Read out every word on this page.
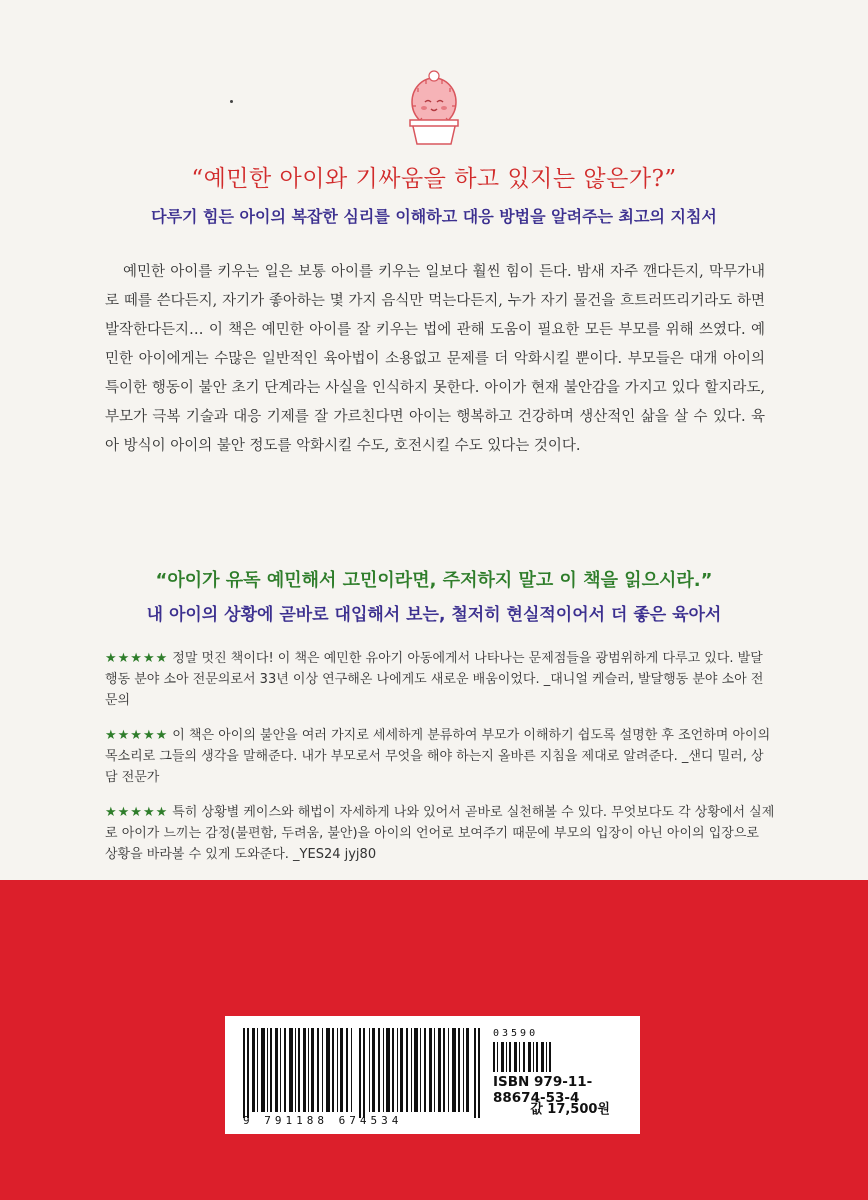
“예민한 아이와 기싸움을 하고 있지는 않은가?”
다루기 힘든 아이의 복잡한 심리를 이해하고 대응 방법을 알려주는 최고의 지침서

예민한 아이를 키우는 일은 보통 아이를 키우는 일보다 훨씬 힘이 든다. 밤새 자주 깬다든지, 막무가내로 떼를 쓴다든지, 자기가 좋아하는 몇 가지 음식만 먹는다든지, 누가 자기 물건을 흐트러뜨리기라도 하면 발작한다든지… 이 책은 예민한 아이를 잘 키우는 법에 관해 도움이 필요한 모든 부모를 위해 쓰였다. 예민한 아이에게는 수많은 일반적인 육아법이 소용없고 문제를 더 악화시킬 뿐이다. 부모들은 대개 아이의 특이한 행동이 불안 초기 단계라는 사실을 인식하지 못한다. 아이가 현재 불안감을 가지고 있다 할지라도, 부모가 극복 기술과 대응 기제를 잘 가르친다면 아이는 행복하고 건강하며 생산적인 삶을 살 수 있다. 육아 방식이 아이의 불안 정도를 악화시킬 수도, 호전시킬 수도 있다는 것이다.

“아이가 유독 예민해서 고민이라면, 주저하지 말고 이 책을 읽으시라.”
내 아이의 상황에 곧바로 대입해서 보는, 철저히 현실적이어서 더 좋은 육아서
★★★★★ 정말 멋진 책이다! 이 책은 예민한 유아기 아동에게서 나타나는 문제점들을 광범위하게 다루고 있다. 발달행동 분야 소아 전문의로서 33년 이상 연구해온 나에게도 새로운 배움이었다. _대니얼 케슬러, 발달행동 분야 소아 전문의
★★★★★ 이 책은 아이의 불안을 여러 가지로 세세하게 분류하여 부모가 이해하기 쉽도록 설명한 후 조언하며 아이의 목소리로 그들의 생각을 말해준다. 내가 부모로서 무엇을 해야 하는지 올바른 지침을 제대로 알려준다. _샌디 밀러, 상담 전문가
★★★★★ 특히 상황별 케이스와 해법이 자세하게 나와 있어서 곧바로 실천해볼 수 있다. 무엇보다도 각 상황에서 실제로 아이가 느끼는 감정(불편함, 두려움, 불안)을 아이의 언어로 보여주기 때문에 부모의 입장이 아닌 아이의 입장으로 상황을 바라볼 수 있게 도와준다. _YES24 jyj80
9 791188 674534
03590
ISBN 979-11-88674-53-4
값 17,500원
